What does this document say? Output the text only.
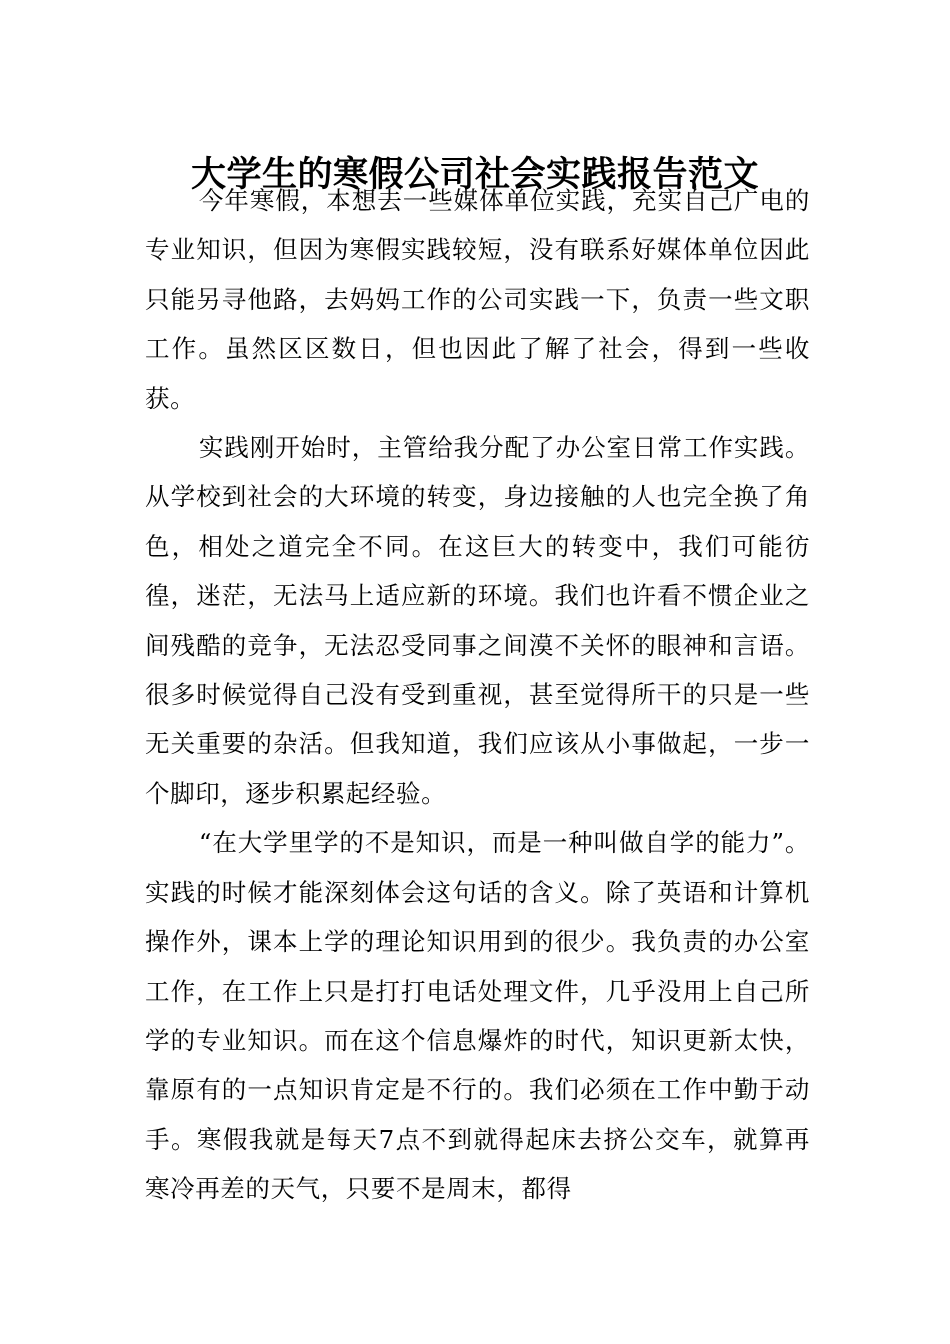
大学生的寒假公司社会实践报告范文

今年寒假，本想去一些媒体单位实践，充实自己广电的专业知识，但因为寒假实践较短，没有联系好媒体单位因此只能另寻他路，去妈妈工作的公司实践一下，负责一些文职工作。虽然区区数日，但也因此了解了社会，得到一些收获。

实践刚开始时，主管给我分配了办公室日常工作实践。从学校到社会的大环境的转变，身边接触的人也完全换了角色，相处之道完全不同。在这巨大的转变中，我们可能彷徨，迷茫，无法马上适应新的环境。我们也许看不惯企业之间残酷的竞争，无法忍受同事之间漠不关怀的眼神和言语。很多时候觉得自己没有受到重视，甚至觉得所干的只是一些无关重要的杂活。但我知道，我们应该从小事做起，一步一个脚印，逐步积累起经验。

“在大学里学的不是知识，而是一种叫做自学的能力”。实践的时候才能深刻体会这句话的含义。除了英语和计算机操作外，课本上学的理论知识用到的很少。我负责的办公室工作，在工作上只是打打电话处理文件，几乎没用上自己所学的专业知识。而在这个信息爆炸的时代，知识更新太快，靠原有的一点知识肯定是不行的。我们必须在工作中勤于动手。寒假我就是每天7点不到就得起床去挤公交车，就算再寒冷再差的天气，只要不是周末，都得
